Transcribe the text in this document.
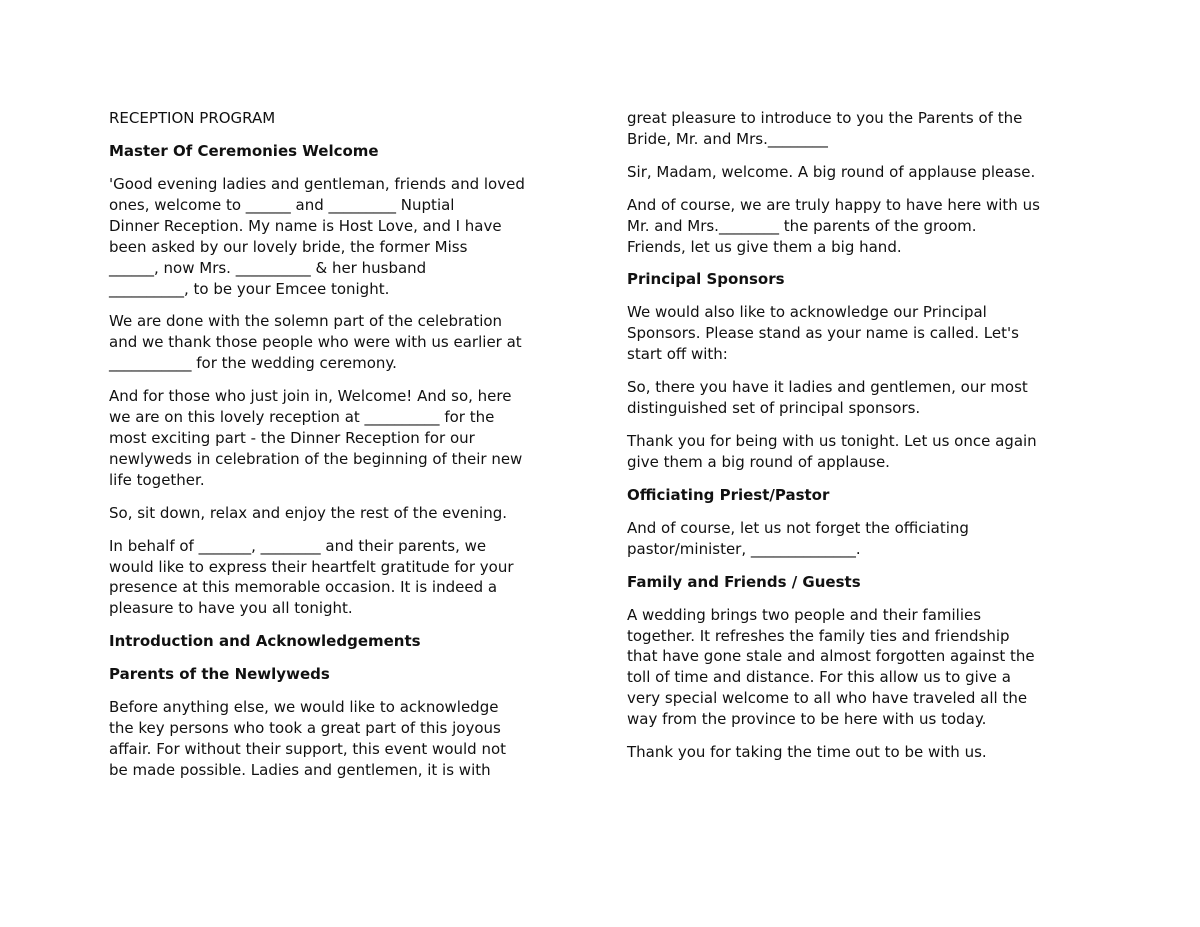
RECEPTION PROGRAM
Master Of Ceremonies Welcome
'Good evening ladies and gentleman, friends and loved
ones, welcome to ______ and _________ Nuptial
Dinner Reception. My name is Host Love, and I have
been asked by our lovely bride, the former Miss
______, now Mrs. __________ & her husband
__________, to be your Emcee tonight.
We are done with the solemn part of the celebration
and we thank those people who were with us earlier at
___________ for the wedding ceremony.
And for those who just join in, Welcome! And so, here
we are on this lovely reception at __________ for the
most exciting part - the Dinner Reception for our
newlyweds in celebration of the beginning of their new
life together.
So, sit down, relax and enjoy the rest of the evening.
In behalf of _______, ________ and their parents, we
would like to express their heartfelt gratitude for your
presence at this memorable occasion. It is indeed a
pleasure to have you all tonight.
Introduction and Acknowledgements
Parents of the Newlyweds
Before anything else, we would like to acknowledge
the key persons who took a great part of this joyous
affair. For without their support, this event would not
be made possible. Ladies and gentlemen, it is with
great pleasure to introduce to you the Parents of the
Bride, Mr. and Mrs.________
Sir, Madam, welcome. A big round of applause please.
And of course, we are truly happy to have here with us
Mr. and Mrs.________ the parents of the groom.
Friends, let us give them a big hand.
Principal Sponsors
We would also like to acknowledge our Principal
Sponsors. Please stand as your name is called. Let's
start off with:
So, there you have it ladies and gentlemen, our most
distinguished set of principal sponsors.
Thank you for being with us tonight. Let us once again
give them a big round of applause.
Officiating Priest/Pastor
And of course, let us not forget the officiating
pastor/minister, ______________.
Family and Friends / Guests
A wedding brings two people and their families
together. It refreshes the family ties and friendship
that have gone stale and almost forgotten against the
toll of time and distance. For this allow us to give a
very special welcome to all who have traveled all the
way from the province to be here with us today.
Thank you for taking the time out to be with us.
